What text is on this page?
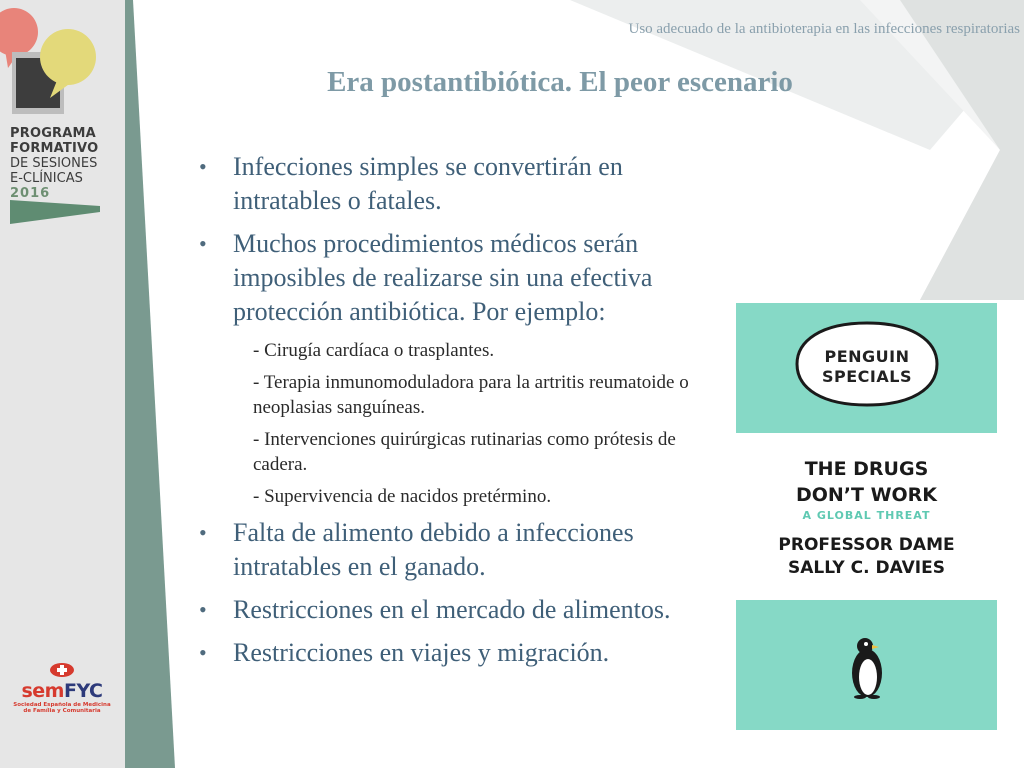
PROGRAMA
FORMATIVO
DE SESIONES
E-CLÍNICAS
2016
semFYC
Sociedad Española de Medicina
de Família y Comunitaria
Uso adecuado de la antibioterapia en las infecciones respiratorias
Era postantibiótica. El peor escenario
• Infecciones simples se convertirán en intratables o fatales.
• Muchos procedimientos médicos serán imposibles de realizarse sin una efectiva protección antibiótica. Por ejemplo:
- Cirugía cardíaca o trasplantes.
- Terapia inmunomoduladora para la artritis reumatoide o neoplasias sanguíneas.
- Intervenciones quirúrgicas rutinarias como prótesis de cadera.
- Supervivencia de nacidos pretérmino.
• Falta de alimento debido a infecciones intratables en el ganado.
• Restricciones en el mercado de alimentos.
• Restricciones en viajes y migración.
PENGUIN
SPECIALS
THE DRUGS
DON’T WORK
A GLOBAL THREAT
PROFESSOR DAME
SALLY C. DAVIES
